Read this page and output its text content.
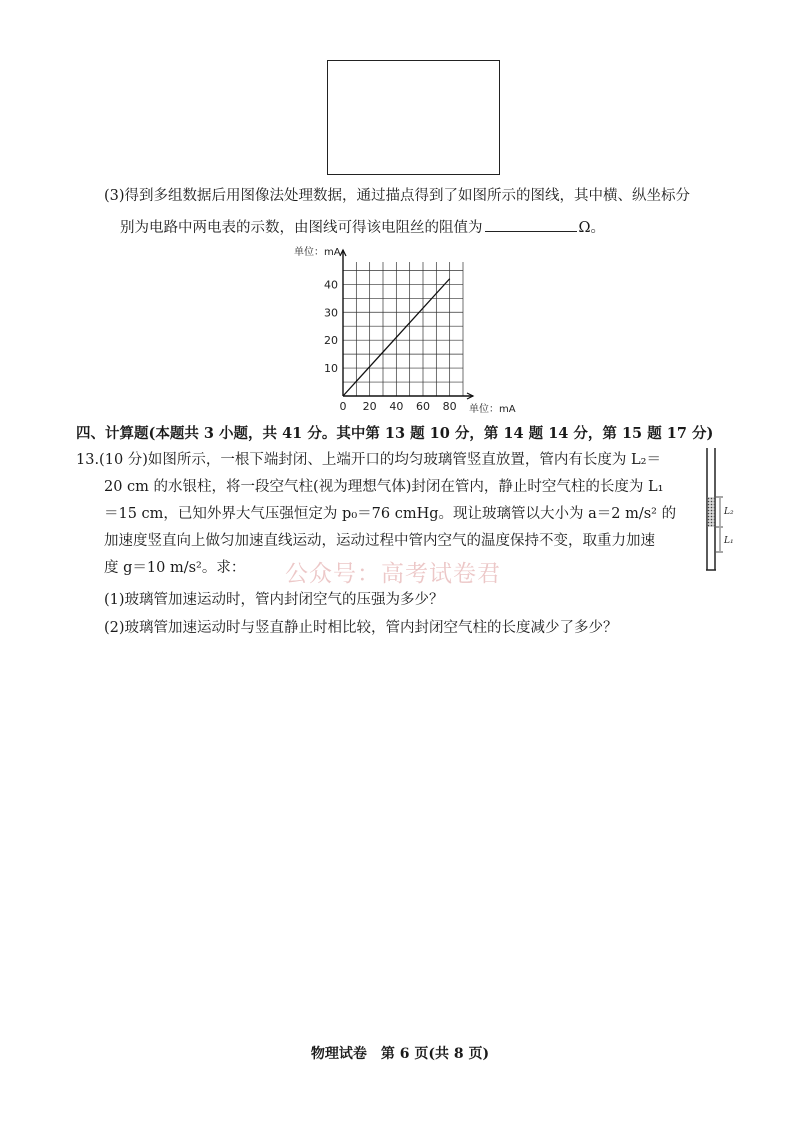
(3)得到多组数据后用图像法处理数据，通过描点得到了如图所示的图线，其中横、纵坐标分
别为电路中两电表的示数，由图线可得该电阻丝的阻值为	Ω。
0 20 40 60 80
10
20
30
40
单位：mA
单位：mA
四、计算题(本题共 3 小题，共 41 分。其中第 13 题 10 分，第 14 题 14 分，第 15 题 17 分)
13.(10 分)如图所示，一根下端封闭、上端开口的均匀玻璃管竖直放置，管内有长度为 L₂＝
20 cm 的水银柱，将一段空气柱(视为理想气体)封闭在管内，静止时空气柱的长度为 L₁
＝15 cm，已知外界大气压强恒定为 p₀＝76 cmHg。现让玻璃管以大小为 a＝2 m/s² 的
加速度竖直向上做匀加速直线运动，运动过程中管内空气的温度保持不变，取重力加速
度 g＝10 m/s²。求：
(1)玻璃管加速运动时，管内封闭空气的压强为多少？
(2)玻璃管加速运动时与竖直静止时相比较，管内封闭空气柱的长度减少了多少？
L₂
L₁
公众号：高考试卷君
物理试卷　第 6 页(共 8 页)
